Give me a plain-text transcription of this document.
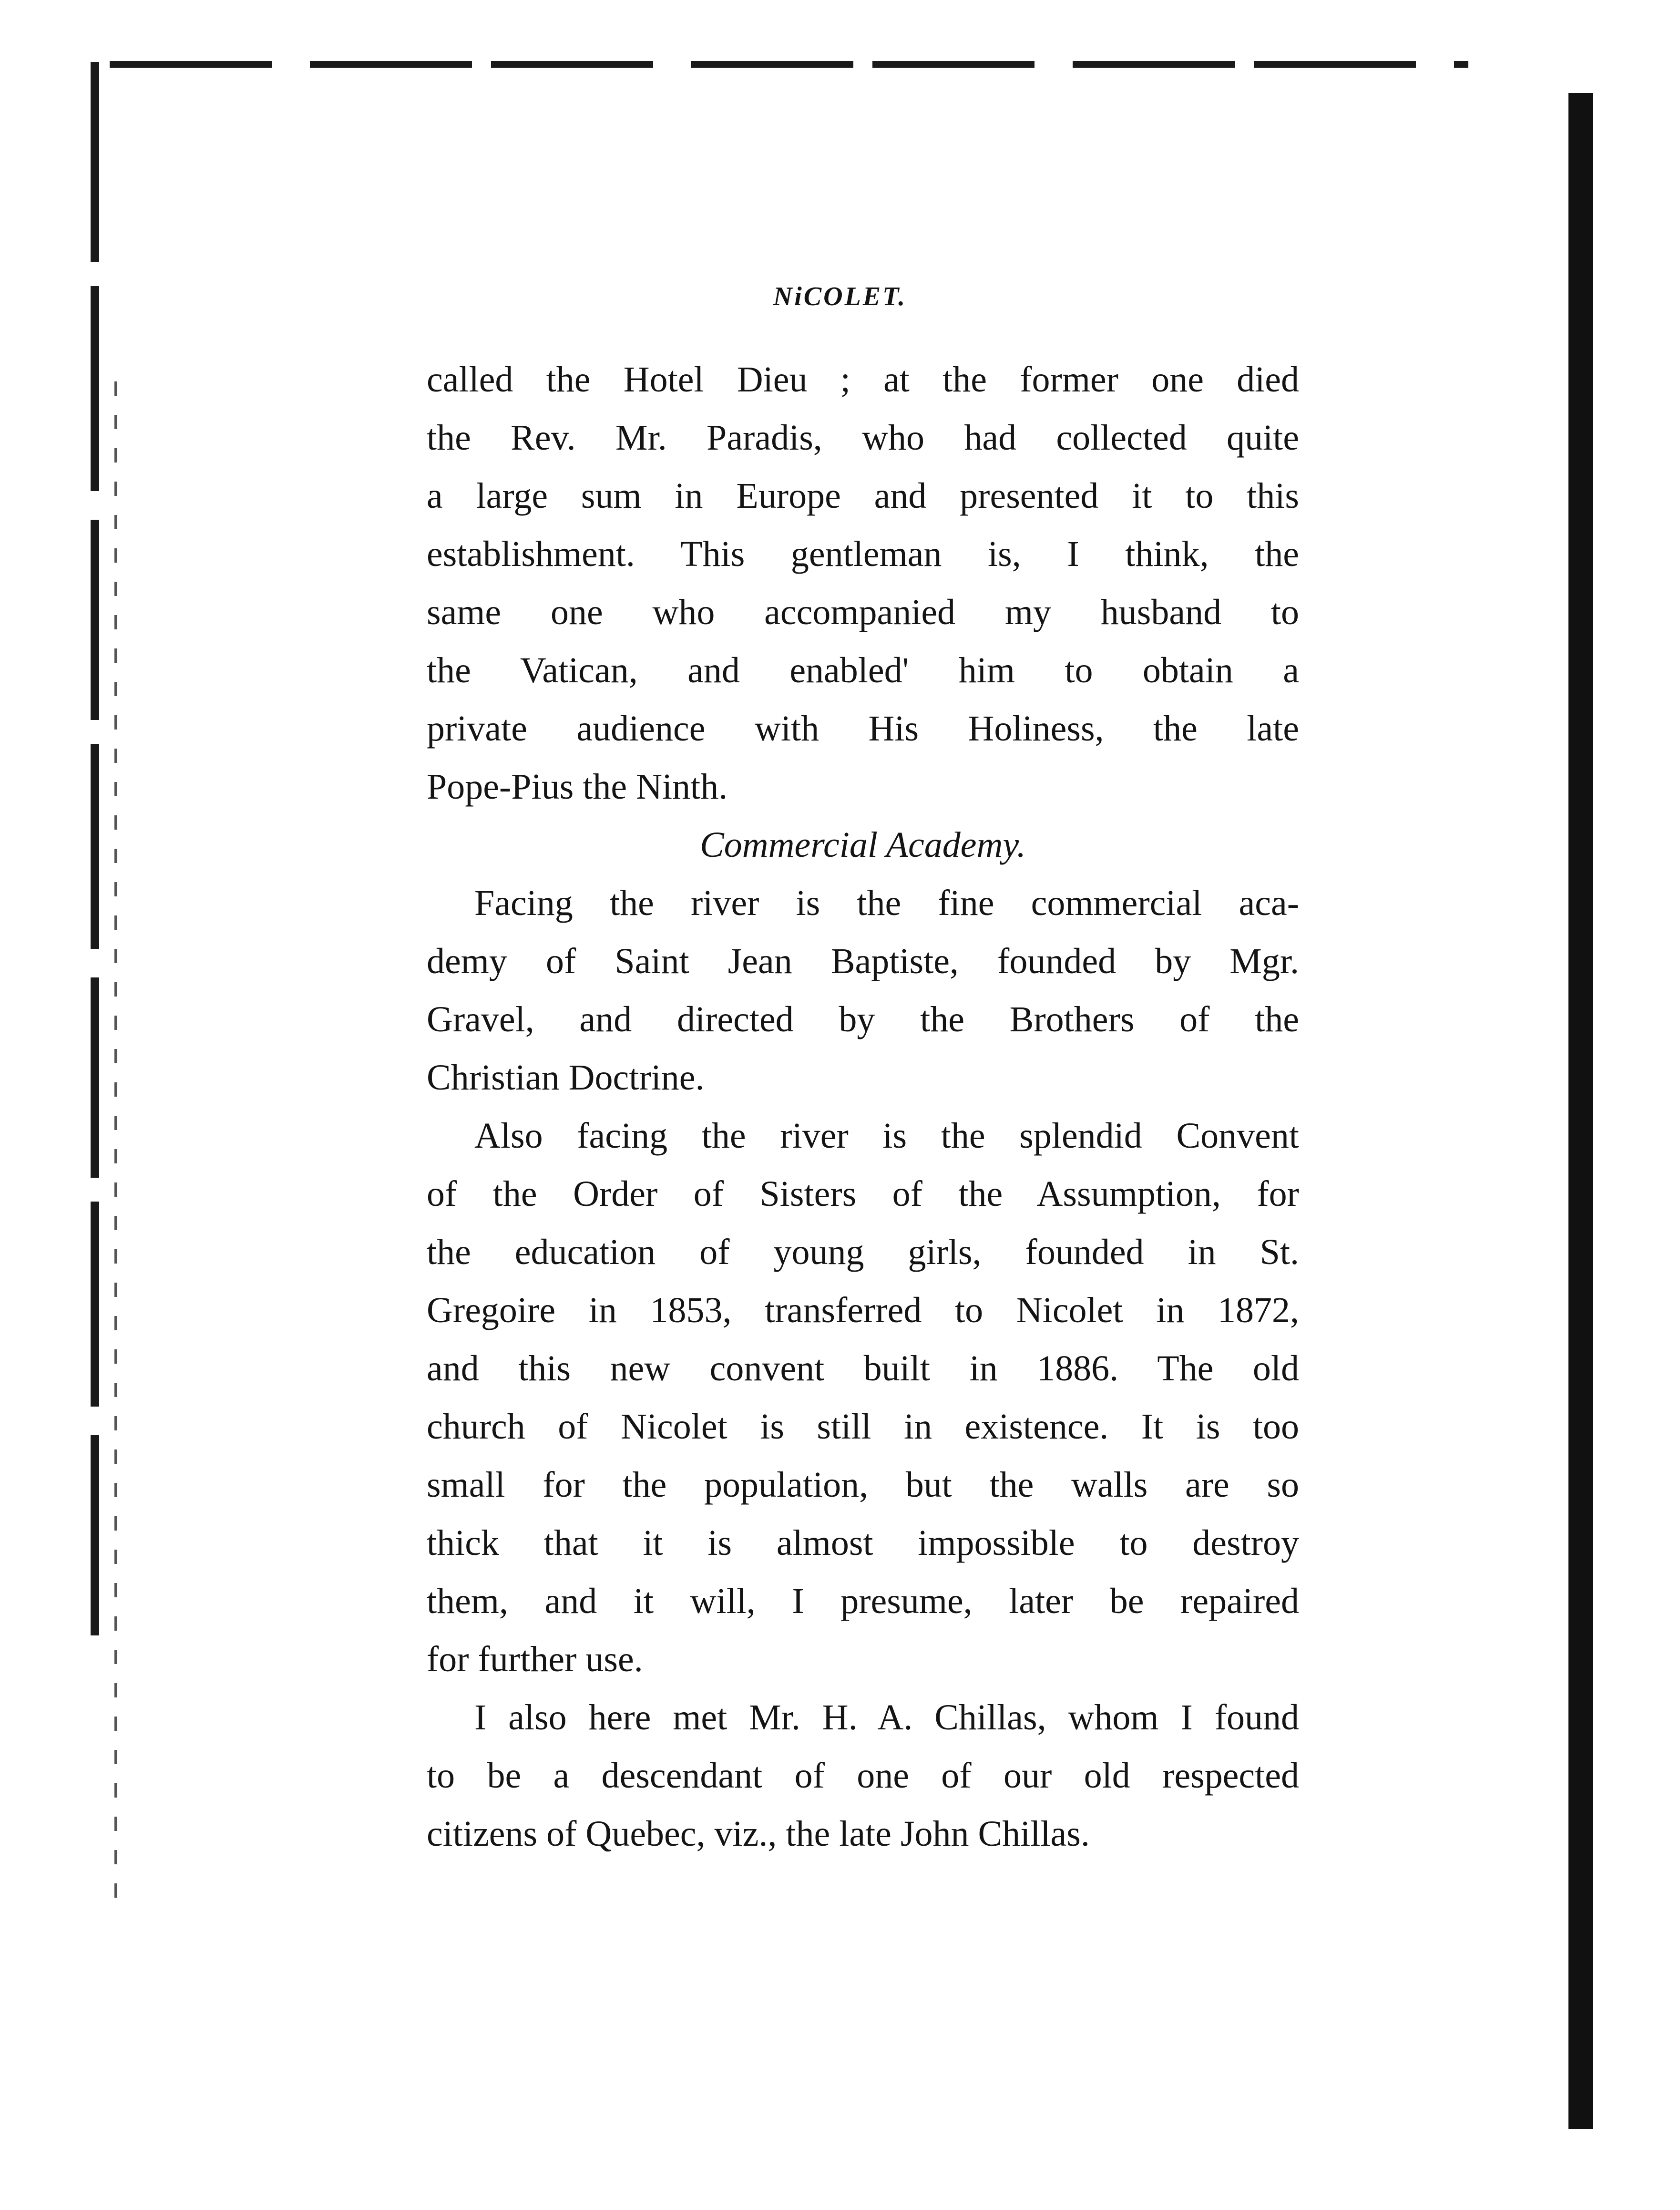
NiCOLET.
called the Hotel Dieu ; at the former one died
the Rev. Mr. Paradis, who had collected quite
a large sum in Europe and presented it to this
establishment. This gentleman is, I think, the
same one who accompanied my husband to
the Vatican, and enabled' him to obtain a
private audience with His Holiness, the late
Pope-Pius the Ninth.
Commercial Academy.
Facing the river is the fine commercial aca-
demy of Saint Jean Baptiste, founded by Mgr.
Gravel, and directed by the Brothers of the
Christian Doctrine.
Also facing the river is the splendid Convent
of the Order of Sisters of the Assumption, for
the education of young girls, founded in St.
Gregoire in 1853, transferred to Nicolet in 1872,
and this new convent built in 1886. The old
church of Nicolet is still in existence. It is too
small for the population, but the walls are so
thick that it is almost impossible to destroy
them, and it will, I presume, later be repaired
for further use.
I also here met Mr. H. A. Chillas, whom I found
to be a descendant of one of our old respected
citizens of Quebec, viz., the late John Chillas.
